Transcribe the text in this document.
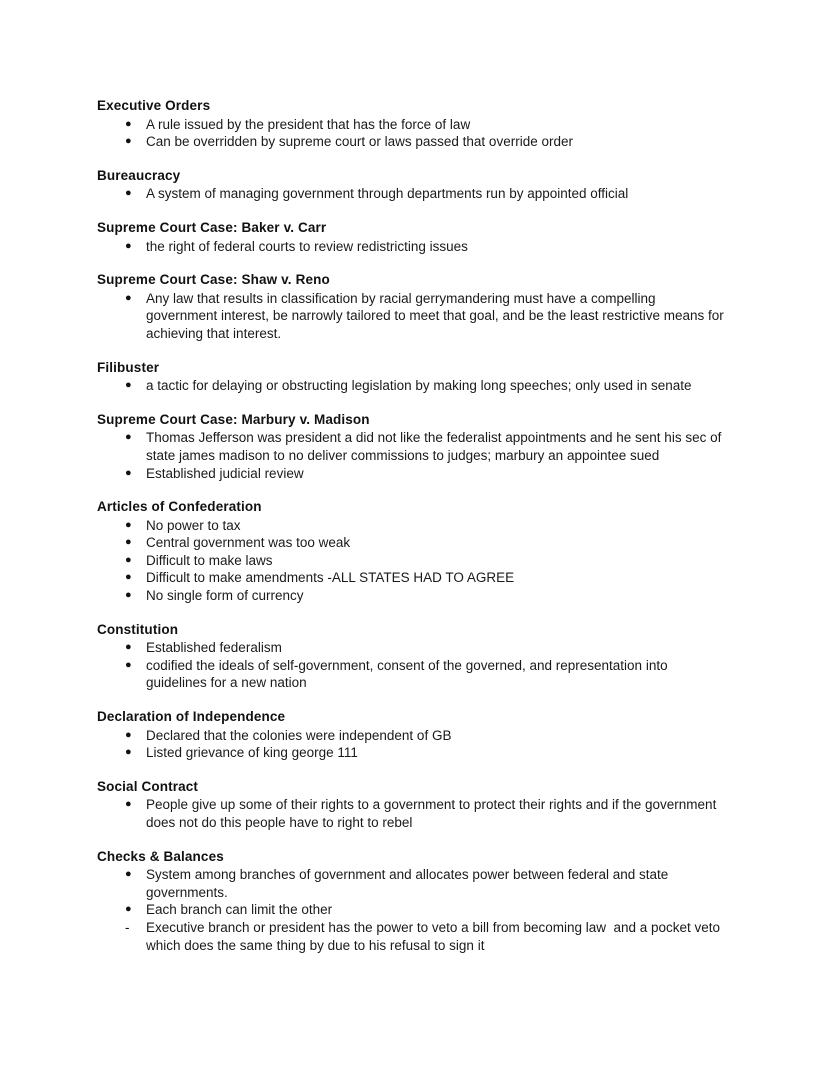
Executive Orders
●	A rule issued by the president that has the force of law
●	Can be overridden by supreme court or laws passed that override order
Bureaucracy
●	A system of managing government through departments run by appointed official
Supreme Court Case: Baker v. Carr
●	the right of federal courts to review redistricting issues
Supreme Court Case: Shaw v. Reno
●	Any law that results in classification by racial gerrymandering must have a compelling government interest, be narrowly tailored to meet that goal, and be the least restrictive means for achieving that interest.
Filibuster
●	a tactic for delaying or obstructing legislation by making long speeches; only used in senate
Supreme Court Case: Marbury v. Madison
●	Thomas Jefferson was president a did not like the federalist appointments and he sent his sec of state james madison to no deliver commissions to judges; marbury an appointee sued
●	Established judicial review
Articles of Confederation
●	No power to tax
●	Central government was too weak
●	Difficult to make laws
●	Difficult to make amendments -ALL STATES HAD TO AGREE
●	No single form of currency
Constitution
●	Established federalism
●	codified the ideals of self-government, consent of the governed, and representation into guidelines for a new nation
Declaration of Independence
●	Declared that the colonies were independent of GB
●	Listed grievance of king george 111
Social Contract
●	People give up some of their rights to a government to protect their rights and if the government does not do this people have to right to rebel
Checks & Balances
●	System among branches of government and allocates power between federal and state governments.
●	Each branch can limit the other
-	Executive branch or president has the power to veto a bill from becoming law  and a pocket veto which does the same thing by due to his refusal to sign it
